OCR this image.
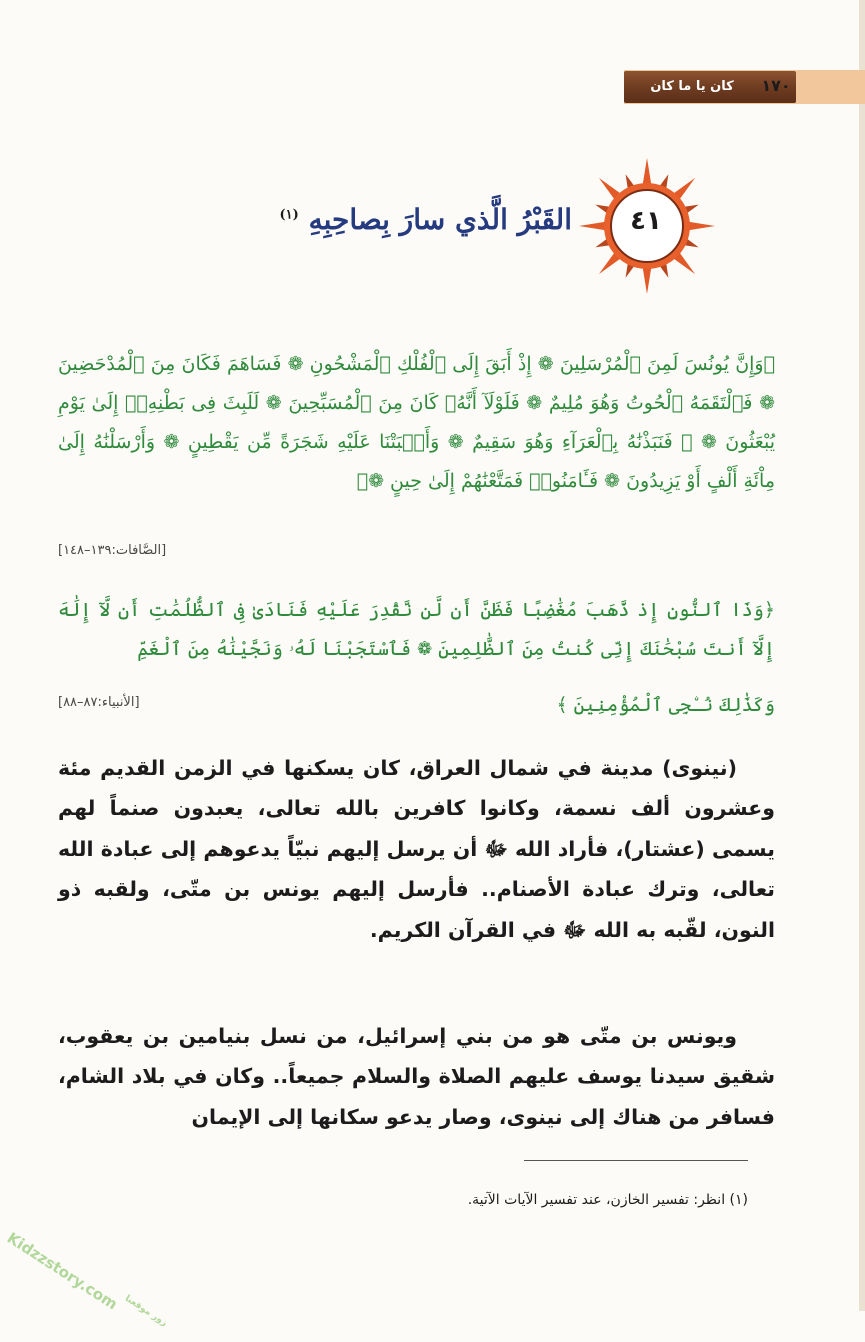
كان يا ما كان	١٧٠
٤١
القَبْرُ الَّذي سارَ بِصاحِبِهِ $^{(١)}$
﴿وَإِنَّ يُونُسَ لَمِنَ ٱلْمُرْسَلِينَ ❁ إِذْ أَبَقَ إِلَى ٱلْفُلْكِ ٱلْمَشْحُونِ ❁ فَسَاهَمَ فَكَانَ مِنَ ٱلْمُدْحَضِينَ ❁ فَٱلْتَقَمَهُ ٱلْحُوتُ وَهُوَ مُلِيمٌ ❁ فَلَوْلَآ أَنَّهُۥ كَانَ مِنَ ٱلْمُسَبِّحِينَ ❁ لَلَبِثَ فِى بَطْنِهِۦٓ إِلَىٰ يَوْمِ يُبْعَثُونَ ❁ ۞ فَنَبَذْنَٰهُ بِٱلْعَرَآءِ وَهُوَ سَقِيمٌ ❁ وَأَنۢبَتْنَا عَلَيْهِ شَجَرَةً مِّن يَقْطِينٍ ❁ وَأَرْسَلْنَٰهُ إِلَىٰ مِاْئَةِ أَلْفٍ أَوْ يَزِيدُونَ ❁ فَـَٔامَنُوا۟ فَمَتَّعْنَٰهُمْ إِلَىٰ حِينٍ ❁﴾
[الصَّافات:١٣٩–١٤٨]
﴿وَذَا ٱلنُّونِ إِذ ذَّهَبَ مُغَٰضِبًا فَظَنَّ أَن لَّن نَّقْدِرَ عَلَيْهِ فَنَادَىٰ فِى ٱلظُّلُمَٰتِ أَن لَّآ إِلَٰهَ إِلَّآ أَنتَ سُبْحَٰنَكَ إِنِّى كُنتُ مِنَ ٱلظَّٰلِمِينَ ❁ فَٱسْتَجَبْنَا لَهُۥ وَنَجَّيْنَٰهُ مِنَ ٱلْغَمِّ
وَكَذَٰلِكَ نُـۨجِى ٱلْمُؤْمِنِينَ ﴾
[الأنبياء:٨٧–٨٨]
(نينوى) مدينة في شمال العراق، كان يسكنها في الزمن القديم مئة وعشرون ألف نسمة، وكانوا كافرين بالله تعالى، يعبدون صنماً لهم يسمى (عشتار)، فأراد الله ﷻ أن يرسل إليهم نبيّاً يدعوهم إلى عبادة الله تعالى، وترك عبادة الأصنام.. فأرسل إليهم يونس بن متّى، ولقبه ذو النون، لقّبه به الله ﷻ في القرآن الكريم.
ويونس بن متّى هو من بني إسرائيل، من نسل بنيامين بن يعقوب، شقيق سيدنا يوسف عليهم الصلاة والسلام جميعاً.. وكان في بلاد الشام، فسافر من هناك إلى نينوى، وصار يدعو سكانها إلى الإيمان
(١) انظر: تفسير الخازن، عند تفسير الآيات الآتية.
زور موقعنا
Kidzzstory.com
